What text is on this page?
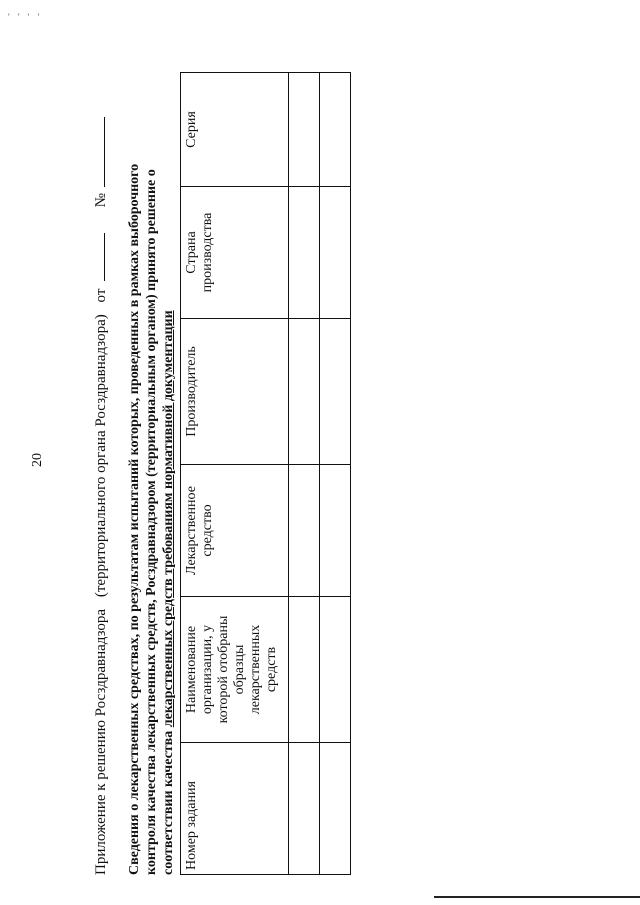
' ' ' '
20
Приложение к решению Росздравнадзора (территориального органа Росздравнадзора) от   №	Сведения о лекарственных средствах, по результатам испытаний которых, проведенных в рамках выборочного контроля качества лекарственных средств, Росздравнадзором (территориальным органом) принято решение о соответствии качества лекарственных средств требованиям нормативной документации
Номер задания	Наименование организации, у которой отобраны образцы лекарственных средств	Лекарственное средство	Производитель	Страна производства	Серия
